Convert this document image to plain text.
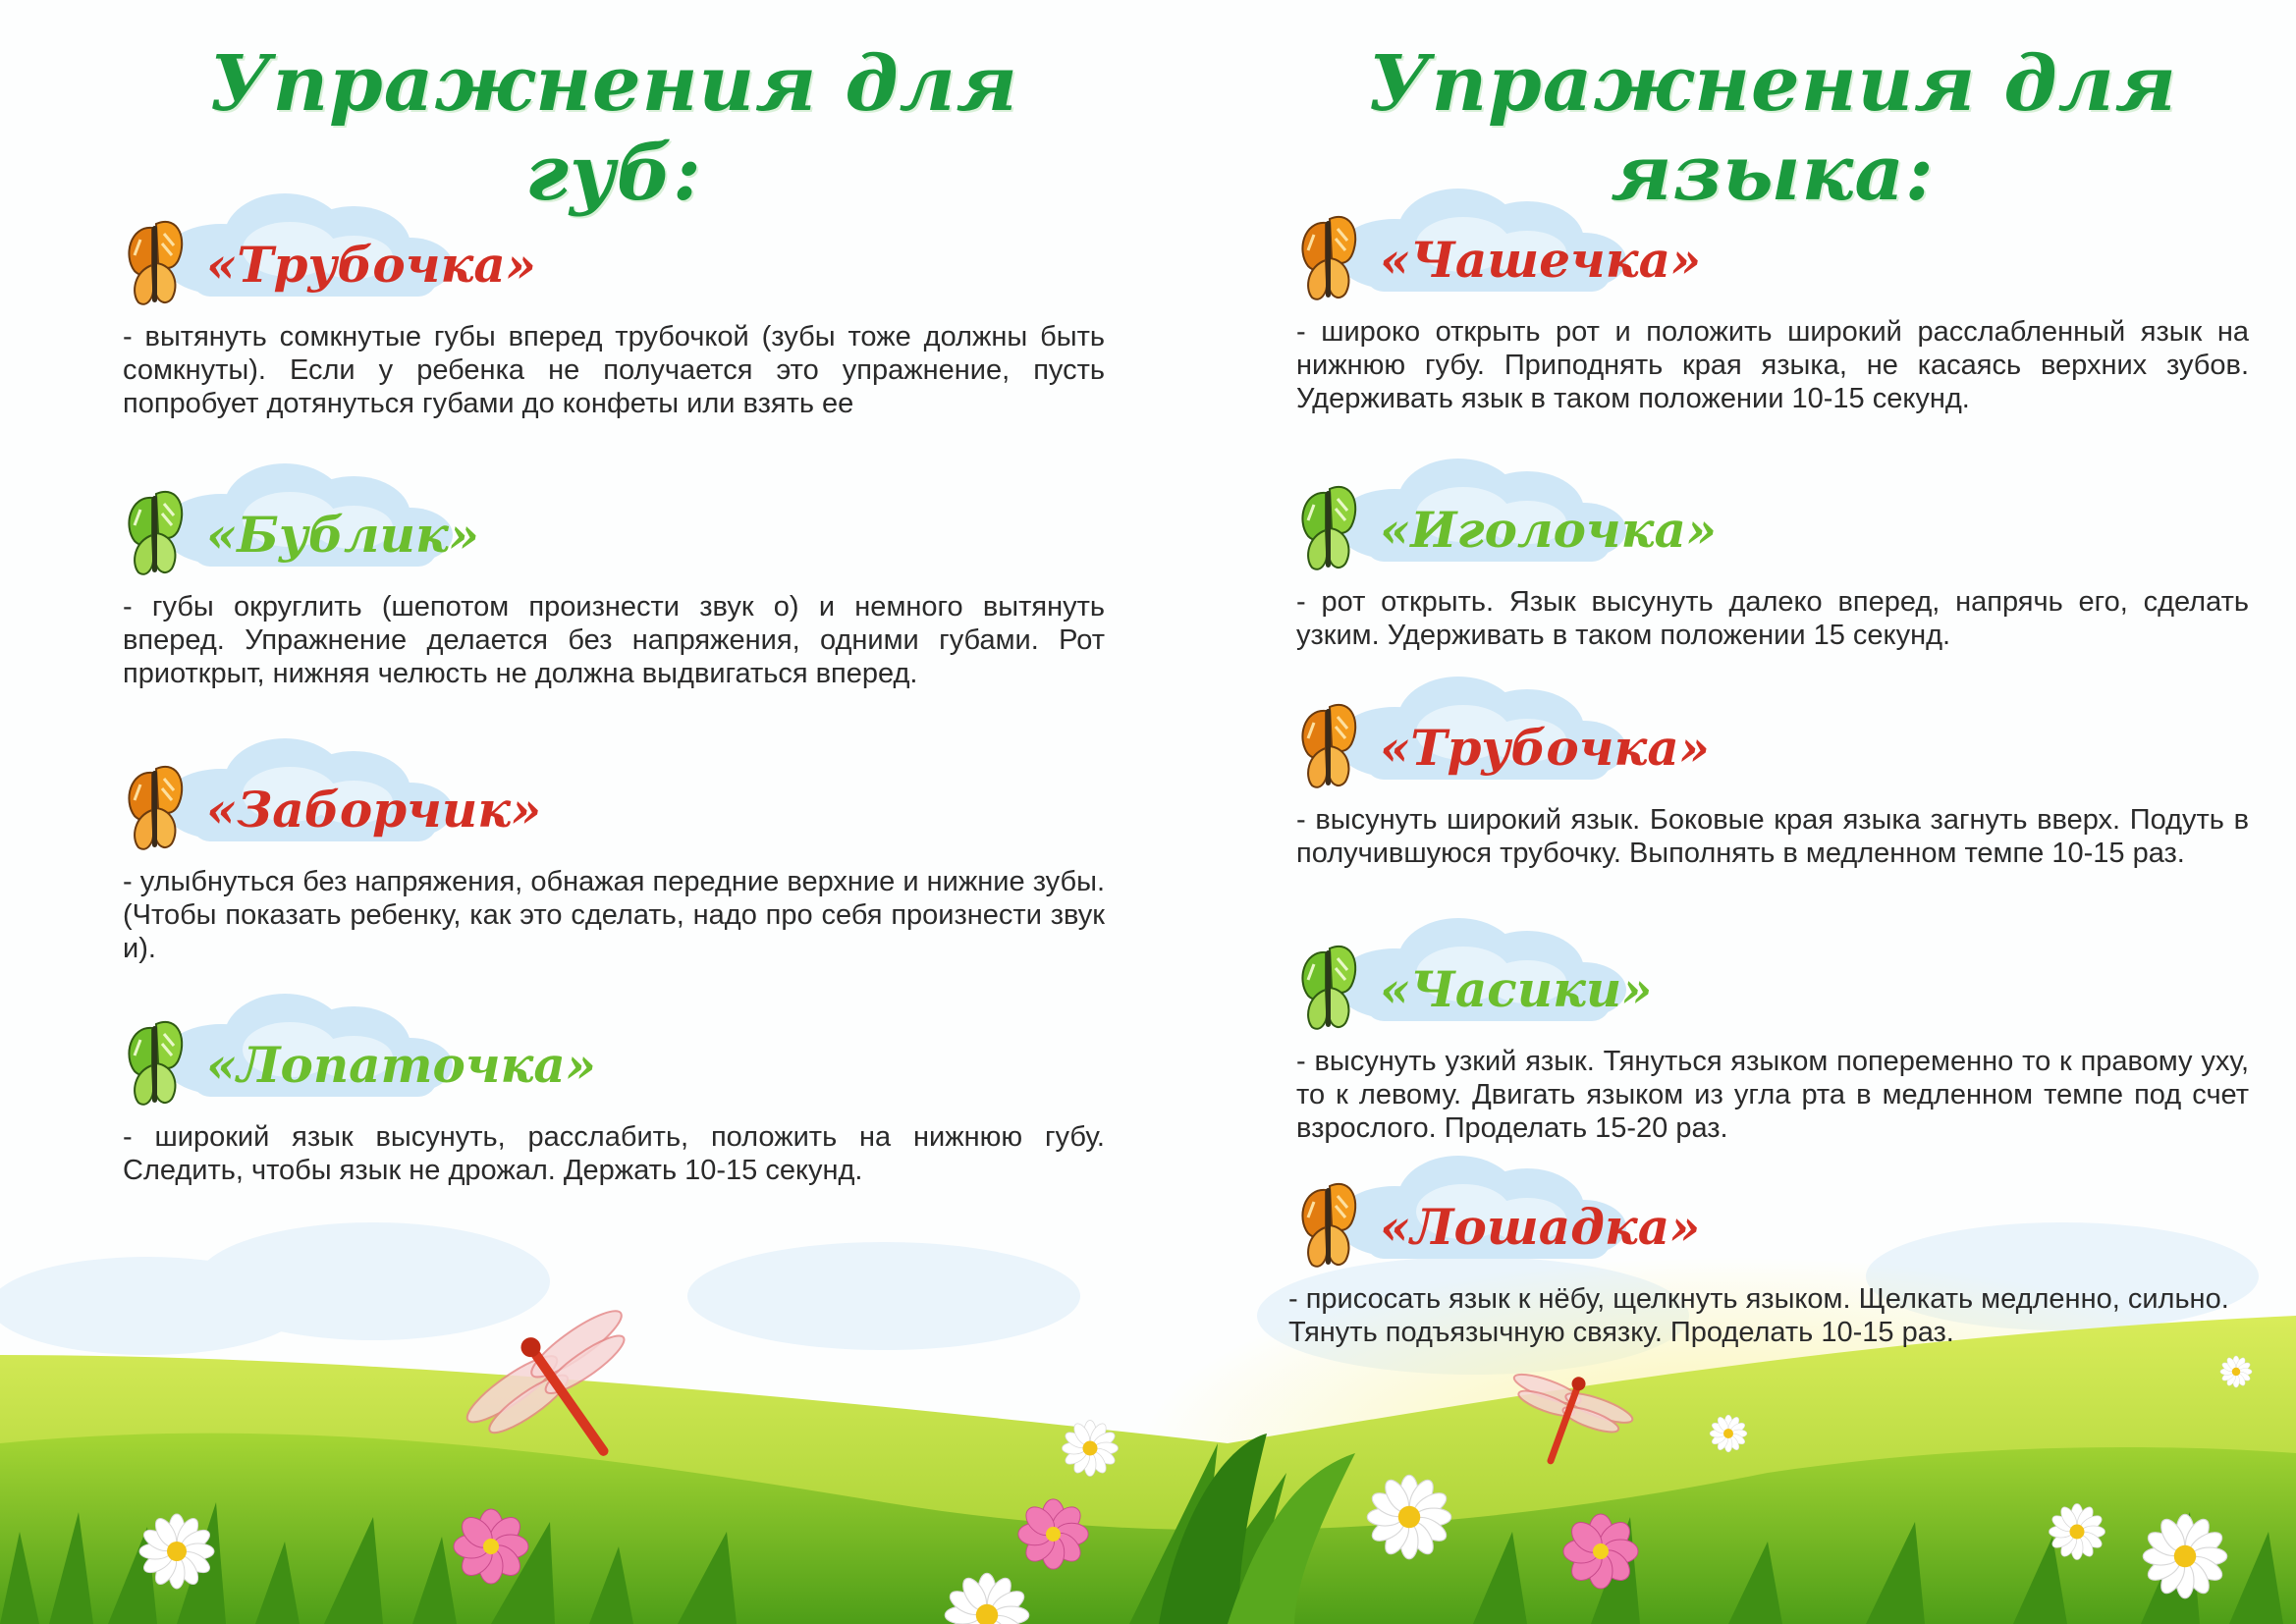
Упражнения для губ:
«Трубочка»

- вытянуть сомкнутые губы вперед трубочкой (зубы тоже должны быть сомкнуты). Если у ребенка не получается это упражнение, пусть попробует дотянуться губами до конфеты или взять ее

«Бублик»

- губы округлить (шепотом произнести звук о) и немного вытянуть вперед. Упражнение делается без напряжения, одними губами. Рот приоткрыт, нижняя челюсть не должна выдвигаться вперед.

«Заборчик»

- улыбнуться без напряжения, обнажая передние верхние и нижние зубы. (Чтобы показать ребенку, как это сделать, надо про себя произнести звук и).

«Лопаточка»

- широкий язык высунуть, расслабить, положить на нижнюю губу. Следить, чтобы язык не дрожал. Держать 10-15 секунд.

Упражнения для языка:
«Чашечка»

- широко открыть рот и положить широкий расслабленный язык на нижнюю губу. Приподнять края языка, не касаясь верхних зубов. Удерживать язык в таком положении 10-15 секунд.

«Иголочка»

- рот открыть. Язык высунуть далеко вперед, напрячь его, сделать узким. Удерживать в таком положении 15 секунд.

«Трубочка»

- высунуть широкий язык. Боковые края языка загнуть вверх. Подуть в получившуюся трубочку. Выполнять в медленном темпе 10-15 раз.

«Часики»

- высунуть узкий язык. Тянуться языком попеременно то к правому уху, то к левому. Двигать языком из угла рта в медленном темпе под счет взрослого. Проделать 15-20 раз.

«Лошадка»

- присосать язык к нёбу, щелкнуть языком. Щелкать медленно, сильно. Тянуть подъязычную связку. Проделать 10-15 раз.
